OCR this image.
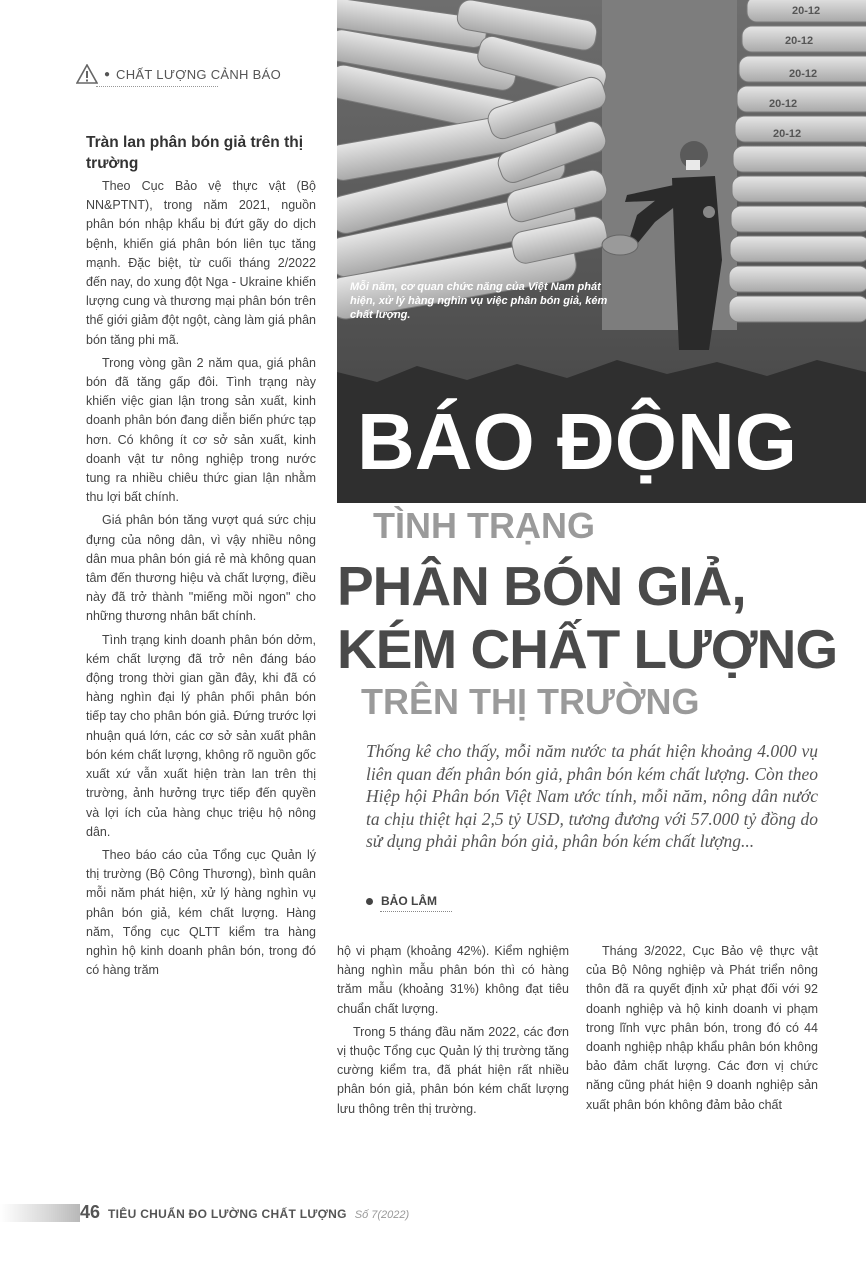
● CHẤT LƯỢNG CẢNH BÁO
Tràn lan phân bón giả trên thị trường

Theo Cục Bảo vệ thực vật (Bộ NN&PTNT), trong năm 2021, nguồn phân bón nhập khẩu bị đứt gãy do dịch bệnh, khiến giá phân bón liên tục tăng mạnh. Đặc biệt, từ cuối tháng 2/2022 đến nay, do xung đột Nga - Ukraine khiến lượng cung và thương mại phân bón trên thế giới giảm đột ngột, càng làm giá phân bón tăng phi mã.

Trong vòng gần 2 năm qua, giá phân bón đã tăng gấp đôi. Tình trạng này khiến việc gian lận trong sản xuất, kinh doanh phân bón đang diễn biến phức tạp hơn. Có không ít cơ sở sản xuất, kinh doanh vật tư nông nghiệp trong nước tung ra nhiều chiêu thức gian lận nhằm thu lợi bất chính.

Giá phân bón tăng vượt quá sức chịu đựng của nông dân, vì vậy nhiều nông dân mua phân bón giá rẻ mà không quan tâm đến thương hiệu và chất lượng, điều này đã trở thành "miếng mồi ngon" cho những thương nhân bất chính.

Tình trạng kinh doanh phân bón dởm, kém chất lượng đã trở nên đáng báo động trong thời gian gần đây, khi đã có hàng nghìn đại lý phân phối phân bón tiếp tay cho phân bón giả. Đứng trước lợi nhuận quá lớn, các cơ sở sản xuất phân bón kém chất lượng, không rõ nguồn gốc xuất xứ vẫn xuất hiện tràn lan trên thị trường, ảnh hưởng trực tiếp đến quyền và lợi ích của hàng chục triệu hộ nông dân.

Theo báo cáo của Tổng cục Quản lý thị trường (Bộ Công Thương), bình quân mỗi năm phát hiện, xử lý hàng nghìn vụ phân bón giả, kém chất lượng. Hàng năm, Tổng cục QLTT kiểm tra hàng nghìn hộ kinh doanh phân bón, trong đó có hàng trăm

20-12
20-12
20-12
20-12
20-12
Mỗi năm, cơ quan chức năng của Việt Nam phát hiện, xử lý hàng nghìn vụ việc phân bón giả, kém chất lượng.
BÁO ĐỘNG
TÌNH TRẠNG
PHÂN BÓN GIẢ,
KÉM CHẤT LƯỢNG
TRÊN THỊ TRƯỜNG
Thống kê cho thấy, mỗi năm nước ta phát hiện khoảng 4.000 vụ liên quan đến phân bón giả, phân bón kém chất lượng. Còn theo Hiệp hội Phân bón Việt Nam ước tính, mỗi năm, nông dân nước ta chịu thiệt hại 2,5 tỷ USD, tương đương với 57.000 tỷ đồng do sử dụng phải phân bón giả, phân bón kém chất lượng...
BẢO LÂM

hộ vi phạm (khoảng 42%). Kiểm nghiệm hàng nghìn mẫu phân bón thì có hàng trăm mẫu (khoảng 31%) không đạt tiêu chuẩn chất lượng.

Trong 5 tháng đầu năm 2022, các đơn vị thuộc Tổng cục Quản lý thị trường tăng cường kiểm tra, đã phát hiện rất nhiều phân bón giả, phân bón kém chất lượng lưu thông trên thị trường.

Tháng 3/2022, Cục Bảo vệ thực vật của Bộ Nông nghiệp và Phát triển nông thôn đã ra quyết định xử phạt đối với 92 doanh nghiệp và hộ kinh doanh vi phạm trong lĩnh vực phân bón, trong đó có 44 doanh nghiệp nhập khẩu phân bón không bảo đảm chất lượng. Các đơn vị chức năng cũng phát hiện 9 doanh nghiệp sản xuất phân bón không đảm bảo chất

46 TIÊU CHUẨN ĐO LƯỜNG CHẤT LƯỢNG Số 7(2022)
